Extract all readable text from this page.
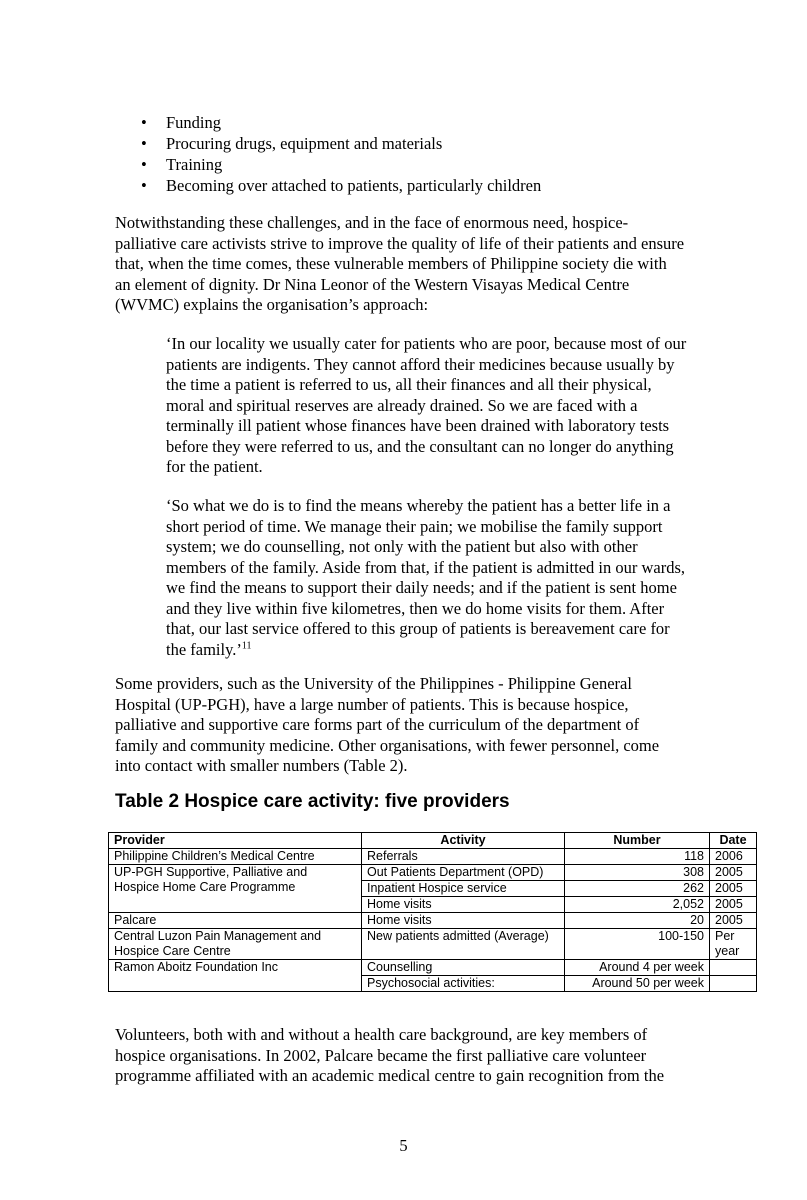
• Funding
• Procuring drugs, equipment and materials
• Training
• Becoming over attached to patients, particularly children

Notwithstanding these challenges, and in the face of enormous need, hospice-
palliative care activists strive to improve the quality of life of their patients and ensure
that, when the time comes, these vulnerable members of Philippine society die with
an element of dignity. Dr Nina Leonor of the Western Visayas Medical Centre
(WVMC) explains the organisation’s approach:

‘In our locality we usually cater for patients who are poor, because most of our
patients are indigents. They cannot afford their medicines because usually by
the time a patient is referred to us, all their finances and all their physical,
moral and spiritual reserves are already drained. So we are faced with a
terminally ill patient whose finances have been drained with laboratory tests
before they were referred to us, and the consultant can no longer do anything
for the patient.

‘So what we do is to find the means whereby the patient has a better life in a
short period of time. We manage their pain; we mobilise the family support
system; we do counselling, not only with the patient but also with other
members of the family. Aside from that, if the patient is admitted in our wards,
we find the means to support their daily needs; and if the patient is sent home
and they live within five kilometres, then we do home visits for them. After
that, our last service offered to this group of patients is bereavement care for
the family.’$^{11}$

Some providers, such as the University of the Philippines - Philippine General
Hospital (UP-PGH), have a large number of patients. This is because hospice,
palliative and supportive care forms part of the curriculum of the department of
family and community medicine. Other organisations, with fewer personnel, come
into contact with smaller numbers (Table 2).

Table 2 Hospice care activity: five providers
Provider	Activity	Number	Date
Philippine Children’s Medical Centre	Referrals	118	2006
UP-PGH Supportive, Palliative and
Hospice Home Care Programme	Out Patients Department (OPD)	308	2005
	Inpatient Hospice service	262	2005
	Home visits	2,052	2005
Palcare	Home visits	20	2005
Central Luzon Pain Management and
Hospice Care Centre	New patients admitted (Average)	100-150	Per
year
Ramon Aboitz Foundation Inc	Counselling	Around 4 per week	
	Psychosocial activities:	Around 50 per week	

Volunteers, both with and without a health care background, are key members of
hospice organisations. In 2002, Palcare became the first palliative care volunteer
programme affiliated with an academic medical centre to gain recognition from the

5
